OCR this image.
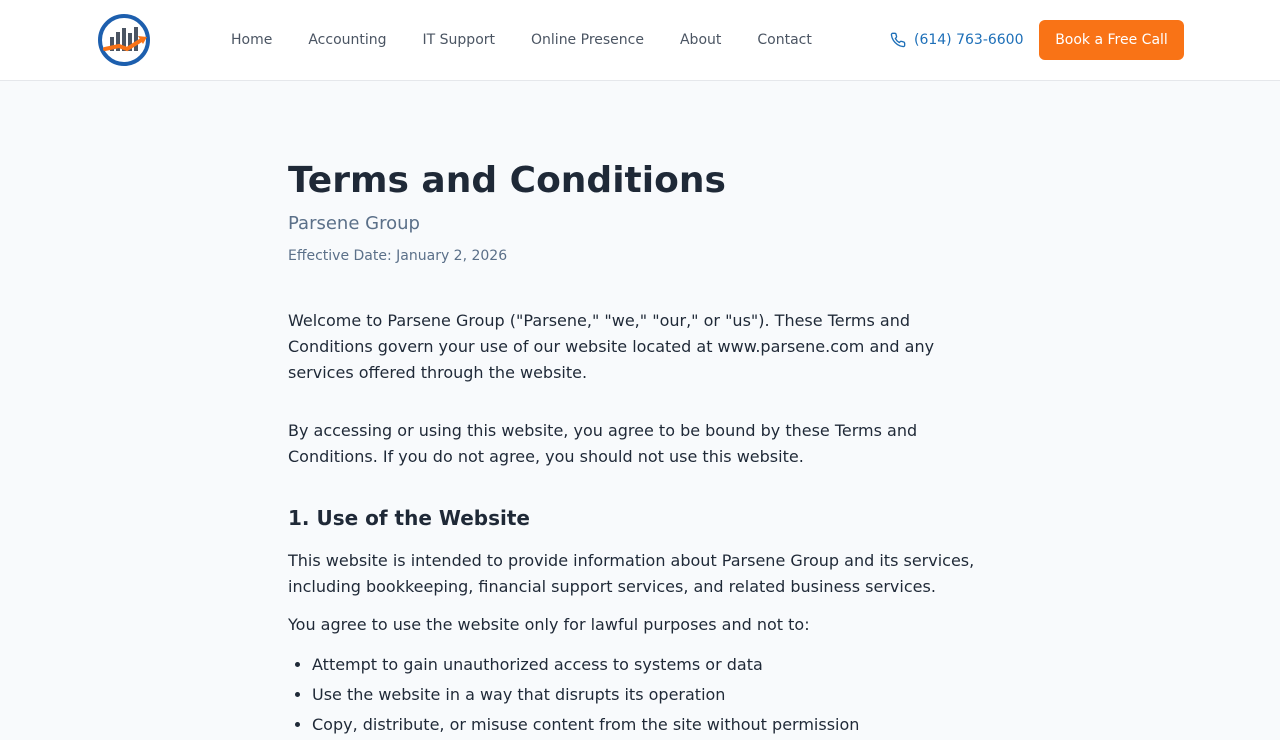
Home	Accounting	IT Support	Online Presence	About	Contact	(614) 763-6600	Book a Free Call
Terms and Conditions
Parsene Group
Effective Date: January 2, 2026

Welcome to Parsene Group ("Parsene," "we," "our," or "us"). These Terms and Conditions govern your use of our website located at www.parsene.com and any services offered through the website.

By accessing or using this website, you agree to be bound by these Terms and Conditions. If you do not agree, you should not use this website.

1. Use of the Website

This website is intended to provide information about Parsene Group and its services, including bookkeeping, financial support services, and related business services.

You agree to use the website only for lawful purposes and not to:

• Attempt to gain unauthorized access to systems or data
• Use the website in a way that disrupts its operation
• Copy, distribute, or misuse content from the site without permission
